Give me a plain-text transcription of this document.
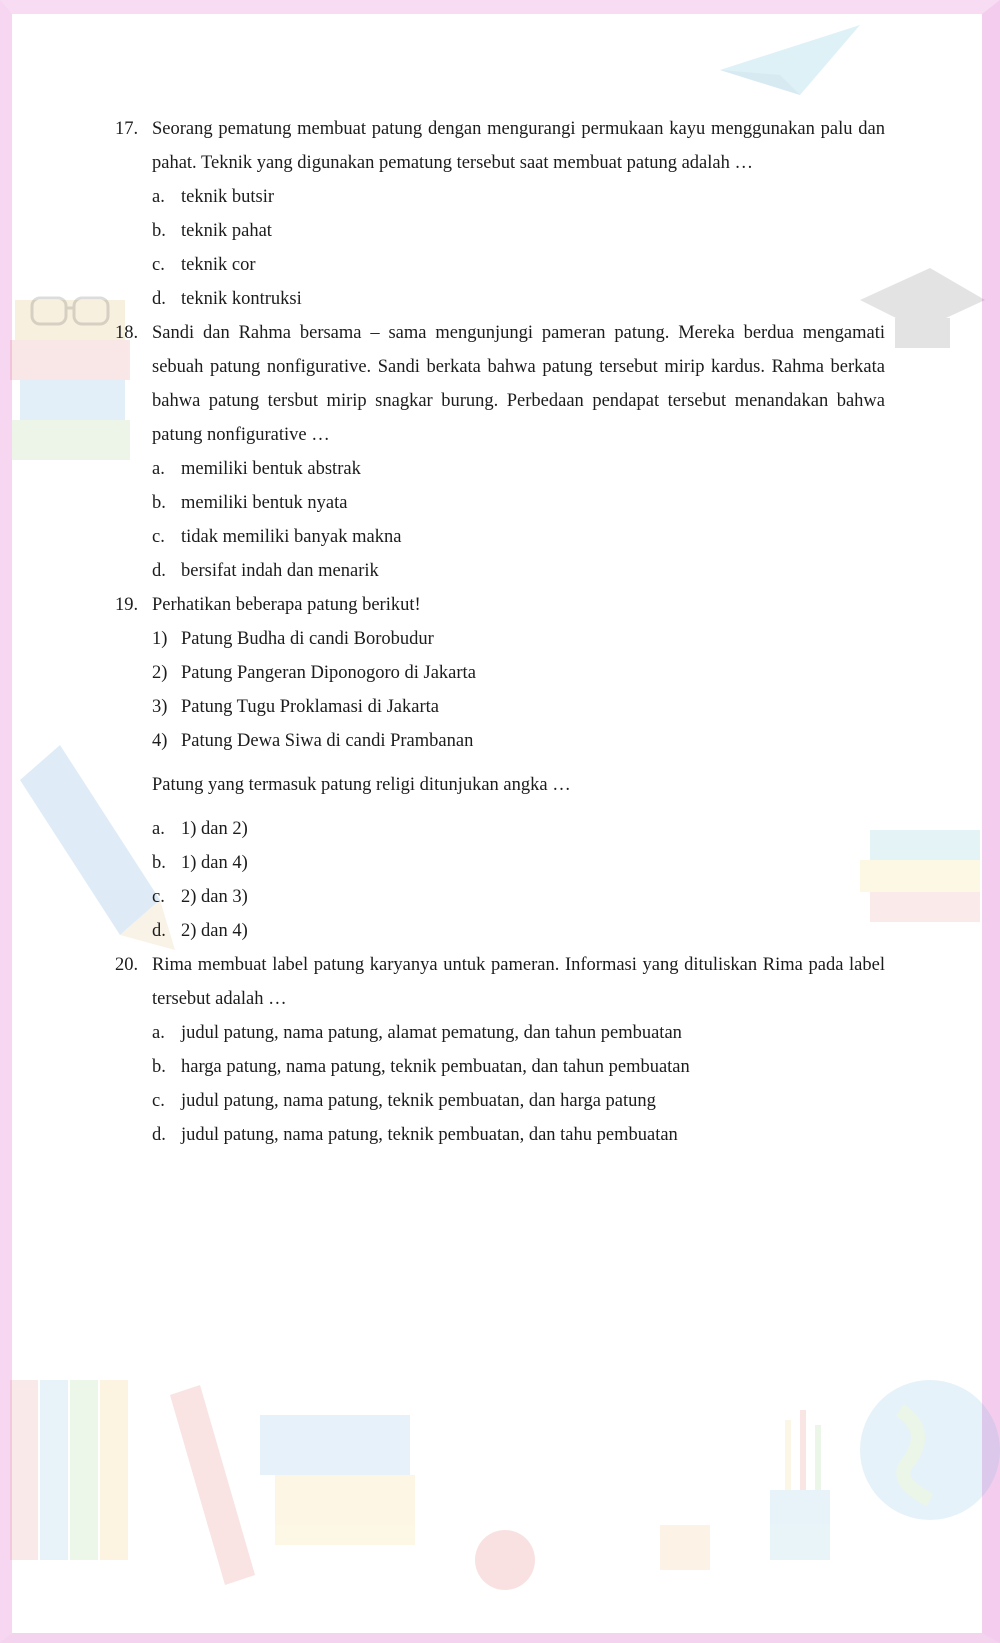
17. Seorang pematung membuat patung dengan mengurangi permukaan kayu menggunakan palu dan pahat. Teknik yang digunakan pematung tersebut saat membuat patung adalah …
a. teknik butsir
b. teknik pahat
c. teknik cor
d. teknik kontruksi
18. Sandi dan Rahma bersama – sama mengunjungi pameran patung. Mereka berdua mengamati sebuah patung nonfigurative. Sandi berkata bahwa patung tersebut mirip kardus. Rahma berkata bahwa patung tersbut mirip snagkar burung. Perbedaan pendapat tersebut menandakan bahwa patung nonfigurative …
a. memiliki bentuk abstrak
b. memiliki bentuk nyata
c. tidak memiliki banyak makna
d. bersifat indah dan menarik
19. Perhatikan beberapa patung berikut!
1) Patung Budha di candi Borobudur
2) Patung Pangeran Diponogoro di Jakarta
3) Patung Tugu Proklamasi di Jakarta
4) Patung Dewa Siwa di candi Prambanan
Patung yang termasuk patung religi ditunjukan angka …
a. 1) dan 2)
b. 1) dan 4)
c. 2) dan 3)
d. 2) dan 4)
20. Rima membuat label patung karyanya untuk pameran. Informasi yang dituliskan Rima pada label tersebut adalah …
a. judul patung, nama patung, alamat pematung, dan tahun pembuatan
b. harga patung, nama patung, teknik pembuatan, dan tahun pembuatan
c. judul patung, nama patung, teknik pembuatan, dan harga patung
d. judul patung, nama patung, teknik pembuatan, dan tahu pembuatan
